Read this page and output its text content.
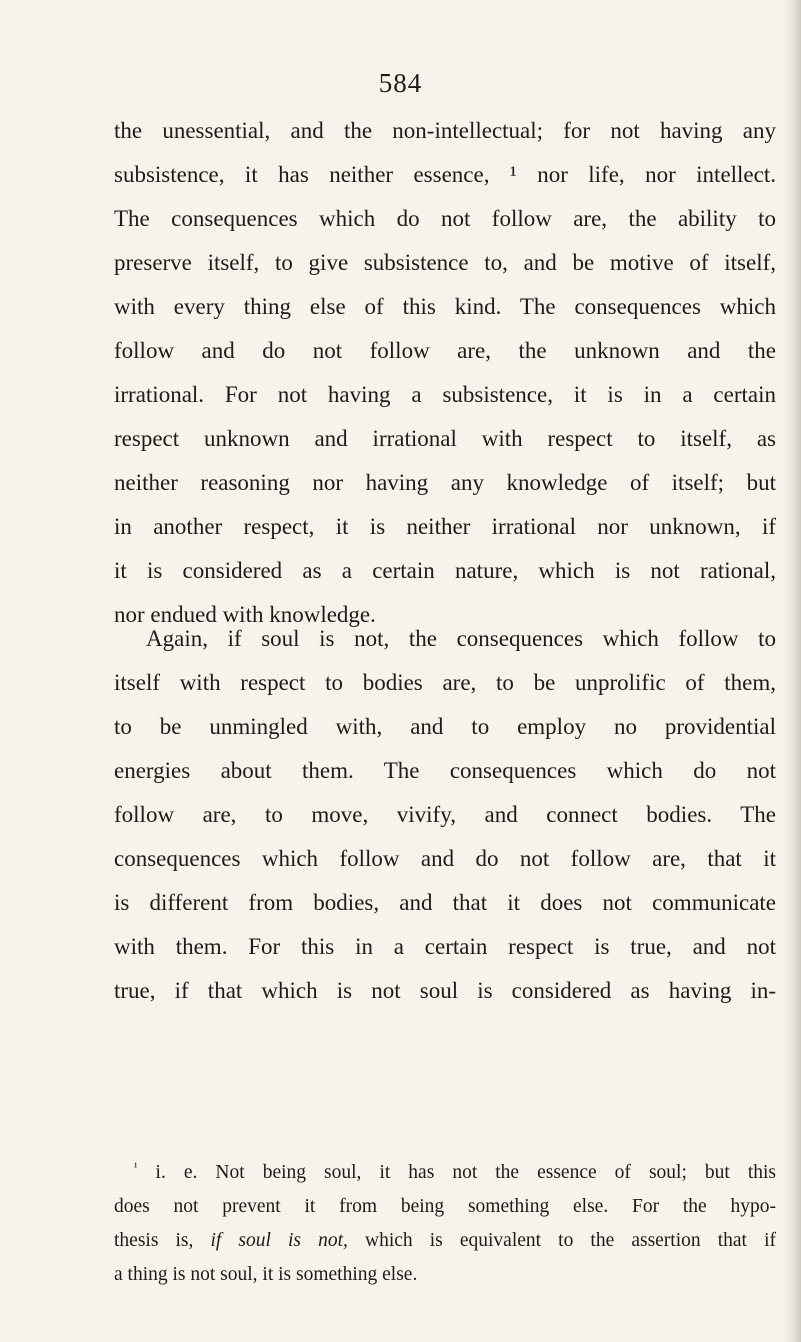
584
the unessential, and the non-intellectual; for not having any
subsistence, it has neither essence, ¹ nor life, nor intellect.
The consequences which do not follow are, the ability to
preserve itself, to give subsistence to, and be motive of itself,
with every thing else of this kind. The consequences which
follow and do not follow are, the unknown and the
irrational. For not having a subsistence, it is in a certain
respect unknown and irrational with respect to itself, as
neither reasoning nor having any knowledge of itself; but
in another respect, it is neither irrational nor unknown, if
it is considered as a certain nature, which is not rational,
nor endued with knowledge.
Again, if soul is not, the consequences which follow to
itself with respect to bodies are, to be unprolific of them,
to be unmingled with, and to employ no providential
energies about them. The consequences which do not
follow are, to move, vivify, and connect bodies. The
consequences which follow and do not follow are, that it
is different from bodies, and that it does not communicate
with them. For this in a certain respect is true, and not
true, if that which is not soul is considered as having in-
$^{^1}$ i. e. Not being soul, it has not the essence of soul; but this
does not prevent it from being something else. For the hypo-
thesis is, if soul is not, which is equivalent to the assertion that if
a thing is not soul, it is something else.
